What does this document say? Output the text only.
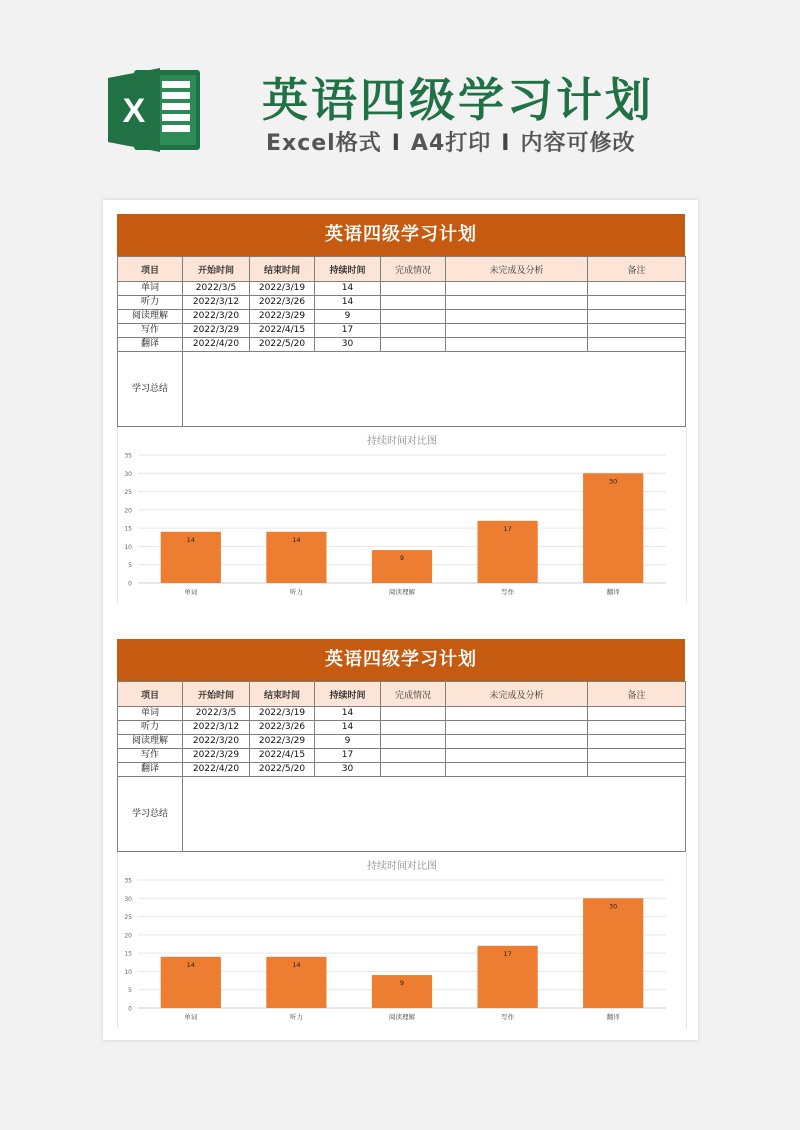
X	英语四级学习计划
Excel格式 I A4打印 I 内容可修改
英语四级学习计划
项目	开始时间	结束时间	持续时间	完成情况	未完成及分析	备注
单词	2022/3/5	2022/3/19	14			
听力	2022/3/12	2022/3/26	14			
阅读理解	2022/3/20	2022/3/29	9			
写作	2022/3/29	2022/4/15	17			
翻译	2022/4/20	2022/5/20	30			
学习总结						
持续时间对比图
0
5
10
15
20
25
30
35
14
单词
14
听力
9
阅读理解
17
写作
30
翻译
英语四级学习计划
项目	开始时间	结束时间	持续时间	完成情况	未完成及分析	备注
单词	2022/3/5	2022/3/19	14			
听力	2022/3/12	2022/3/26	14			
阅读理解	2022/3/20	2022/3/29	9			
写作	2022/3/29	2022/4/15	17			
翻译	2022/4/20	2022/5/20	30			
学习总结						
持续时间对比图
0
5
10
15
20
25
30
35
14
单词
14
听力
9
阅读理解
17
写作
30
翻译
